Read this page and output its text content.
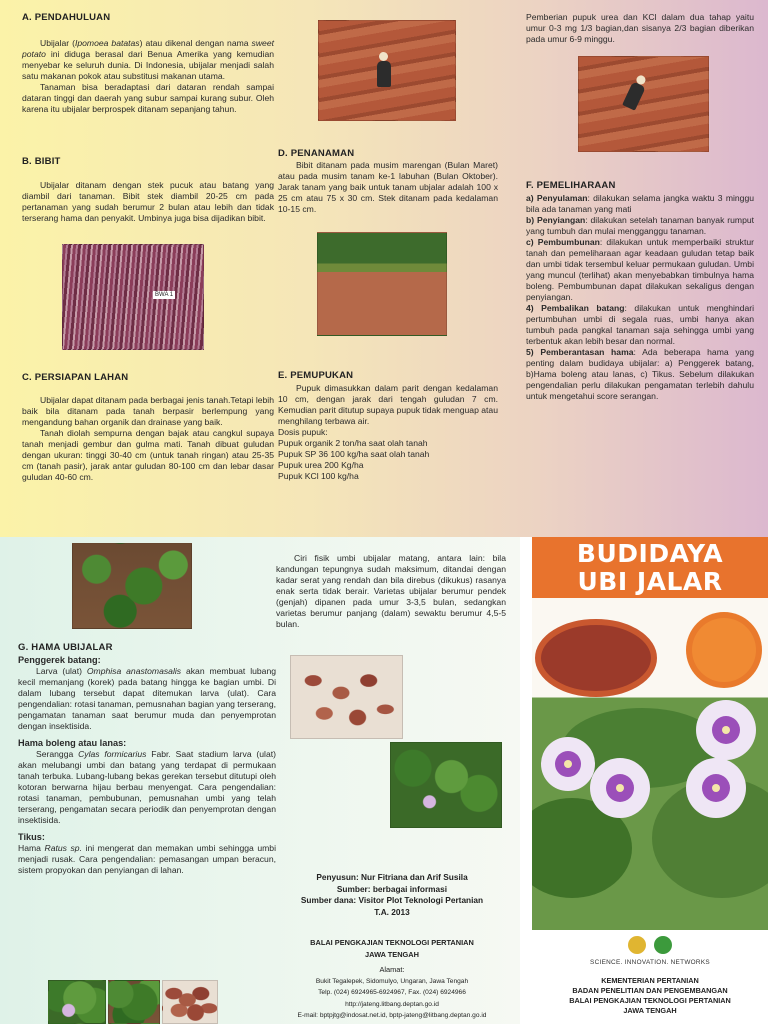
A. PENDAHULUAN
Ubijalar (Ipomoea batatas) atau dikenal dengan nama sweet potato ini diduga berasal dari Benua Amerika yang kemudian menyebar ke seluruh dunia. Di Indonesia, ubijalar menjadi salah satu makanan pokok atau substitusi makanan utama.
Tanaman bisa beradaptasi dari dataran rendah sampai dataran tinggi dan daerah yang subur sampai kurang subur. Oleh karena itu ubijalar berprospek ditanam sepanjang tahun.
B. BIBIT
Ubijalar ditanam dengan stek pucuk atau batang yang diambil dari tanaman. Bibit stek diambil 20-25 cm pada pertanaman yang sudah berumur 2 bulan atau lebih dan tidak terserang hama dan penyakit. Umbinya juga bisa dijadikan bibit.
BWA 1
C. PERSIAPAN LAHAN
Ubijalar dapat ditanam pada berbagai jenis tanah.Tetapi lebih baik bila ditanam pada tanah berpasir berlempung yang mengandung bahan organik dan drainase yang baik.
Tanah diolah sempurna dengan bajak atau cangkul supaya tanah menjadi gembur dan gulma mati. Tanah dibuat guludan dengan ukuran: tinggi 30-40 cm (untuk tanah ringan) atau 25-35 cm (tanah pasir), jarak antar guludan 80-100 cm dan lebar dasar guludan 40-60 cm.
D. PENANAMAN
Bibit ditanam pada musim marengan (Bulan Maret) atau pada musim tanam ke-1 labuhan (Bulan Oktober). Jarak tanam yang baik untuk tanam ubjalar adalah 100 x 25 cm atau 75 x 30 cm. Stek ditanam pada kedalaman 10-15 cm.
E. PEMUPUKAN
Pupuk dimasukkan dalam parit dengan kedalaman 10 cm, dengan jarak dari tengah guludan 7 cm. Kemudian parit ditutup supaya pupuk tidak menguap atau menghilang terbawa air.
Dosis pupuk:
Pupuk organik 2 ton/ha saat olah tanah
Pupuk SP 36 100 kg/ha saat olah tanah
Pupuk urea 200 Kg/ha
Pupuk KCl 100 kg/ha
Pemberian pupuk urea dan KCl dalam dua tahap yaitu umur 0-3 mg 1/3 bagian,dan sisanya 2/3 bagian diberikan pada umur 6-9 minggu.
F. PEMELIHARAAN
a) Penyulaman: dilakukan selama jangka waktu 3 minggu bila ada tanaman yang mati
b) Penyiangan: dilakukan setelah tanaman banyak rumput yang tumbuh dan mulai mengganggu tanaman.
c) Pembumbunan: dilakukan untuk memperbaiki struktur tanah dan pemeliharaan agar keadaan guludan tetap baik dan umbi tidak tersembul keluar permukaan guludan. Umbi yang muncul (terlihat) akan menyebabkan timbulnya hama boleng. Pembumbunan dapat dilakukan sekaligus dengan penyiangan.
4) Pembalikan batang: dilakukan untuk menghindari pertumbuhan umbi di segala ruas, umbi hanya akan tumbuh pada pangkal tanaman saja sehingga umbi yang terbentuk akan lebih besar dan normal.
5) Pemberantasan hama: Ada beberapa hama yang penting dalam budidaya ubijalar: a) Penggerek batang, b)Hama boleng atau lanas, c) Tikus. Sebelum dilakukan pengendalian perlu dilakukan pengamatan terlebih dahulu untuk mengetahui score serangan.
G. HAMA UBIJALAR
Penggerek batang:
Larva (ulat) Omphisa anastomasalis akan membuat lubang kecil memanjang (korek) pada batang hingga ke bagian umbi. Di dalam lubang tersebut dapat ditemukan larva (ulat). Cara pengendalian: rotasi tanaman, pemusnahan bagian yang terserang, pengamatan tanaman saat berumur muda dan penyemprotan dengan insektisida.
Hama boleng atau lanas:
Serangga Cylas formicarius Fabr. Saat stadium larva (ulat) akan melubangi umbi dan batang yang terdapat di permukaan tanah terbuka. Lubang-lubang bekas gerekan tersebut ditutupi oleh kotoran berwarna hijau berbau menyengat. Cara pengendalian: rotasi tanaman, pembubunan, pemusnahan umbi yang telah terserang, pengamatan secara periodik dan penyemprotan dengan insektisida.
Tikus:
Hama Ratus sp. ini mengerat dan memakan umbi sehingga umbi menjadi rusak. Cara pengendalian: pemasangan umpan beracun, sistem propyokan dan penyiangan di lahan.
Ciri fisik umbi ubijalar matang, antara lain: bila kandungan tepungnya sudah maksimum, ditandai dengan kadar serat yang rendah dan bila direbus (dikukus) rasanya enak serta tidak berair. Varietas ubijalar berumur pendek (genjah) dipanen pada umur 3-3,5 bulan, sedangkan varietas berumur panjang (dalam) sewaktu berumur 4,5-5 bulan.
Penyusun: Nur Fitriana dan Arif Susila
Sumber: berbagai informasi
Sumber dana: Visitor Plot Teknologi Pertanian
T.A. 2013
BALAI PENGKAJIAN TEKNOLOGI PERTANIAN
JAWA TENGAH
Alamat:
Bukit Tegalepek, Sidomulyo, Ungaran, Jawa Tengah
Telp. (024) 6924965-6924967, Fax. (024) 6924966
http://jateng.litbang.deptan.go.id
E-mail: bptpjtg@indosat.net.id, bptp-jateng@litbang.deptan.go.id
BUDIDAYA
UBI JALAR

SCIENCE. INNOVATION. NETWORKS
KEMENTERIAN PERTANIAN
BADAN PENELITIAN DAN PENGEMBANGAN
BALAI PENGKAJIAN TEKNOLOGI PERTANIAN
JAWA TENGAH
